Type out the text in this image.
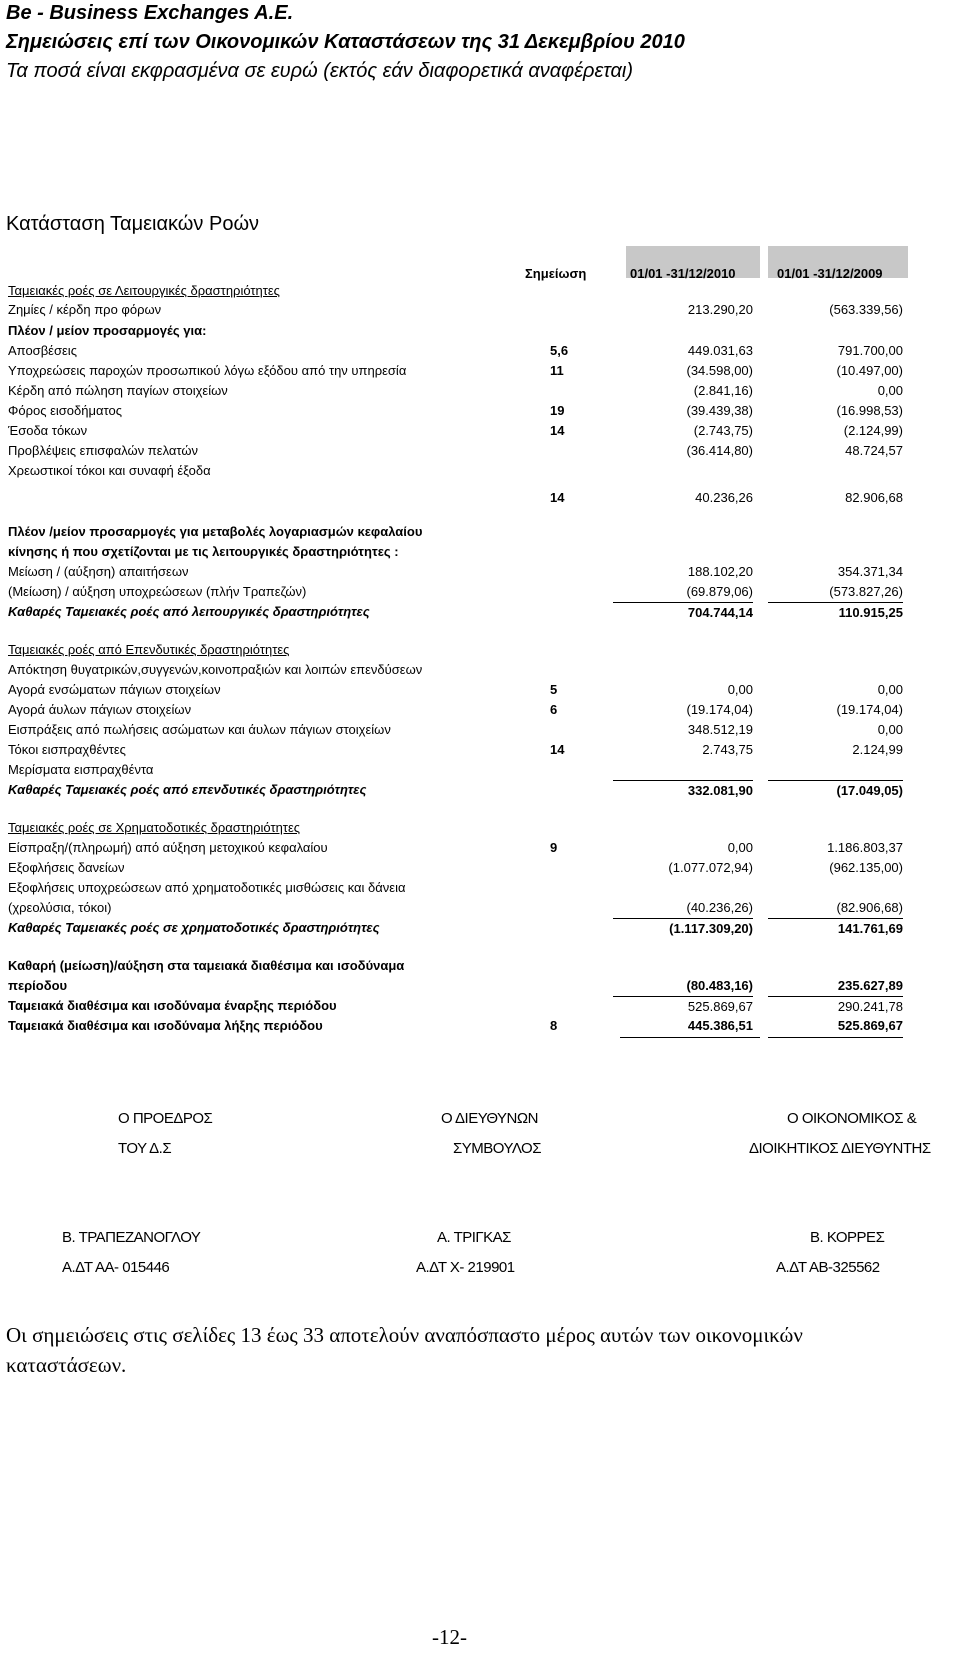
Be - Business Exchanges A.E.
Σημειώσεις επί των Οικονομικών Καταστάσεων της 31 Δεκεμβρίου 2010
Τα ποσά είναι εκφρασμένα σε ευρώ (εκτός εάν διαφορετικά αναφέρεται)
Κατάσταση Ταμειακών Ροών
Σημείωση	01/01 -31/12/2010	01/01 -31/12/2009
Ταμειακές ροές σε Λειτουργικές δραστηριότητες
Ζημίες / κέρδη προ φόρων	213.290,20	(563.339,56)
Πλέον / μείον προσαρμογές για:
Αποσβέσεις	5,6	449.031,63	791.700,00
Υποχρεώσεις παροχών προσωπικού λόγω εξόδου από την υπηρεσία	11	(34.598,00)	(10.497,00)
Κέρδη από πώληση παγίων στοιχείων	(2.841,16)	0,00
Φόρος εισοδήματος	19	(39.439,38)	(16.998,53)
Έσοδα τόκων	14	(2.743,75)	(2.124,99)
Προβλέψεις επισφαλών πελατών	(36.414,80)	48.724,57
Χρεωστικοί τόκοι και συναφή έξοδα
14	40.236,26	82.906,68
Πλέον /μείον προσαρμογές για μεταβολές λογαριασμών κεφαλαίου
κίνησης ή που σχετίζονται με τις λειτουργικές δραστηριότητες :
Μείωση / (αύξηση) απαιτήσεων	188.102,20	354.371,34
(Μείωση) / αύξηση υποχρεώσεων (πλήν Τραπεζών)	(69.879,06)	(573.827,26)
Καθαρές Ταμειακές ροές από λειτουργικές δραστηριότητες	704.744,14	110.915,25
Ταμειακές ροές από Επενδυτικές δραστηριότητες
Απόκτηση θυγατρικών,συγγενών,κοινοπραξιών και λοιπών επενδύσεων
Αγορά ενσώματων πάγιων στοιχείων	5	0,00	0,00
Αγορά άυλων πάγιων στοιχείων	6	(19.174,04)	(19.174,04)
Εισπράξεις από πωλήσεις ασώματων και άυλων πάγιων στοιχείων	348.512,19	0,00
Τόκοι εισπραχθέντες	14	2.743,75	2.124,99
Μερίσματα εισπραχθέντα
Καθαρές Ταμειακές ροές από επενδυτικές δραστηριότητες	332.081,90	(17.049,05)
Ταμειακές ροές σε Χρηματοδοτικές δραστηριότητες
Είσπραξη/(πληρωμή) από αύξηση μετοχικού κεφαλαίου	9	0,00	1.186.803,37
Εξοφλήσεις δανείων	(1.077.072,94)	(962.135,00)
Εξοφλήσεις υποχρεώσεων από χρηματοδοτικές μισθώσεις και δάνεια
(χρεολύσια, τόκοι)	(40.236,26)	(82.906,68)
Καθαρές Ταμειακές ροές σε χρηματοδοτικές δραστηριότητες	(1.117.309,20)	141.761,69
Καθαρή (μείωση)/αύξηση στα ταμειακά διαθέσιμα και ισοδύναμα
περίοδου	(80.483,16)	235.627,89
Ταμειακά διαθέσιμα και ισοδύναμα έναρξης περιόδου	525.869,67	290.241,78
Ταμειακά διαθέσιμα και ισοδύναμα λήξης περιόδου	8	445.386,51	525.869,67
Ο ΠΡΟΕΔΡΟΣ
ΤΟΥ Δ.Σ
Ο ΔΙΕΥΘΥΝΩΝ
ΣΥΜΒΟΥΛΟΣ
Ο ΟΙΚΟΝΟΜΙΚΟΣ &
ΔΙΟΙΚΗΤΙΚΟΣ ΔΙΕΥΘΥΝΤΗΣ
Β. ΤΡΑΠΕΖΑΝΟΓΛΟΥ	Α. ΤΡΙΓΚΑΣ	Β. ΚΟΡΡΕΣ
Α.ΔΤ ΑΑ- 015446	Α.ΔΤ Χ- 219901	Α.ΔΤ ΑΒ-325562
Οι σημειώσεις στις σελίδες 13 έως 33 αποτελούν αναπόσπαστο μέρος αυτών των οικονομικών καταστάσεων.
-12-
